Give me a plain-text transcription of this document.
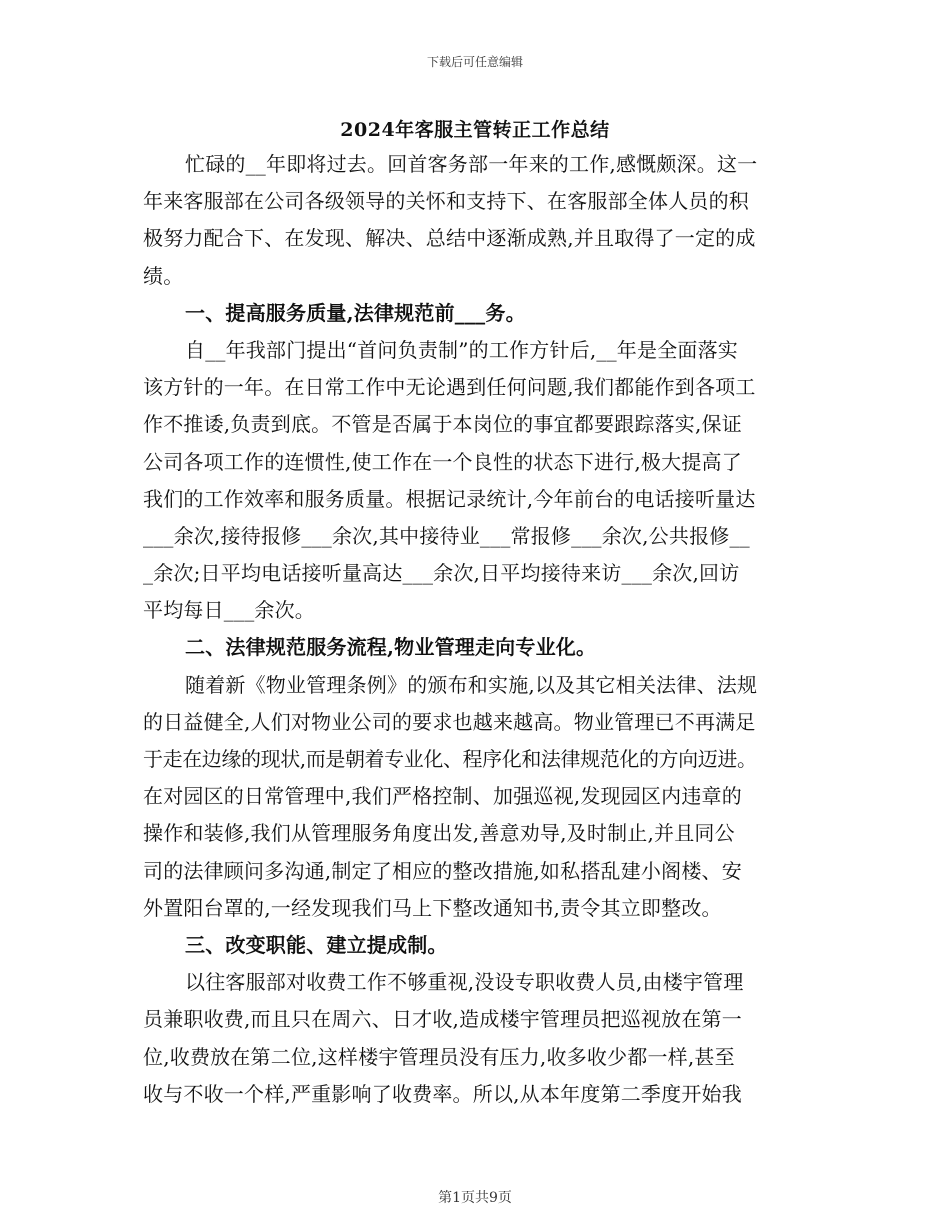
下载后可任意编辑
2024年客服主管转正工作总结
忙碌的__年即将过去。回首客务部一年来的工作,感慨颇深。这一
年来客服部在公司各级领导的关怀和支持下、在客服部全体人员的积
极努力配合下、在发现、解决、总结中逐渐成熟,并且取得了一定的成
绩。
一、提高服务质量,法律规范前___务。
自__年我部门提出“首问负责制”的工作方针后,__年是全面落实
该方针的一年。在日常工作中无论遇到任何问题,我们都能作到各项工
作不推诿,负责到底。不管是否属于本岗位的事宜都要跟踪落实,保证
公司各项工作的连惯性,使工作在一个良性的状态下进行,极大提高了
我们的工作效率和服务质量。根据记录统计,今年前台的电话接听量达
___余次,接待报修___余次,其中接待业___常报修___余次,公共报修__
_余次;日平均电话接听量高达___余次,日平均接待来访___余次,回访
平均每日___余次。
二、法律规范服务流程,物业管理走向专业化。
随着新《物业管理条例》的颁布和实施,以及其它相关法律、法规
的日益健全,人们对物业公司的要求也越来越高。物业管理已不再满足
于走在边缘的现状,而是朝着专业化、程序化和法律规范化的方向迈进。
在对园区的日常管理中,我们严格控制、加强巡视,发现园区内违章的
操作和装修,我们从管理服务角度出发,善意劝导,及时制止,并且同公
司的法律顾问多沟通,制定了相应的整改措施,如私搭乱建小阁楼、安
外置阳台罩的,一经发现我们马上下整改通知书,责令其立即整改。
三、改变职能、建立提成制。
以往客服部对收费工作不够重视,没设专职收费人员,由楼宇管理
员兼职收费,而且只在周六、日才收,造成楼宇管理员把巡视放在第一
位,收费放在第二位,这样楼宇管理员没有压力,收多收少都一样,甚至
收与不收一个样,严重影响了收费率。所以,从本年度第二季度开始我
第1页共9页
